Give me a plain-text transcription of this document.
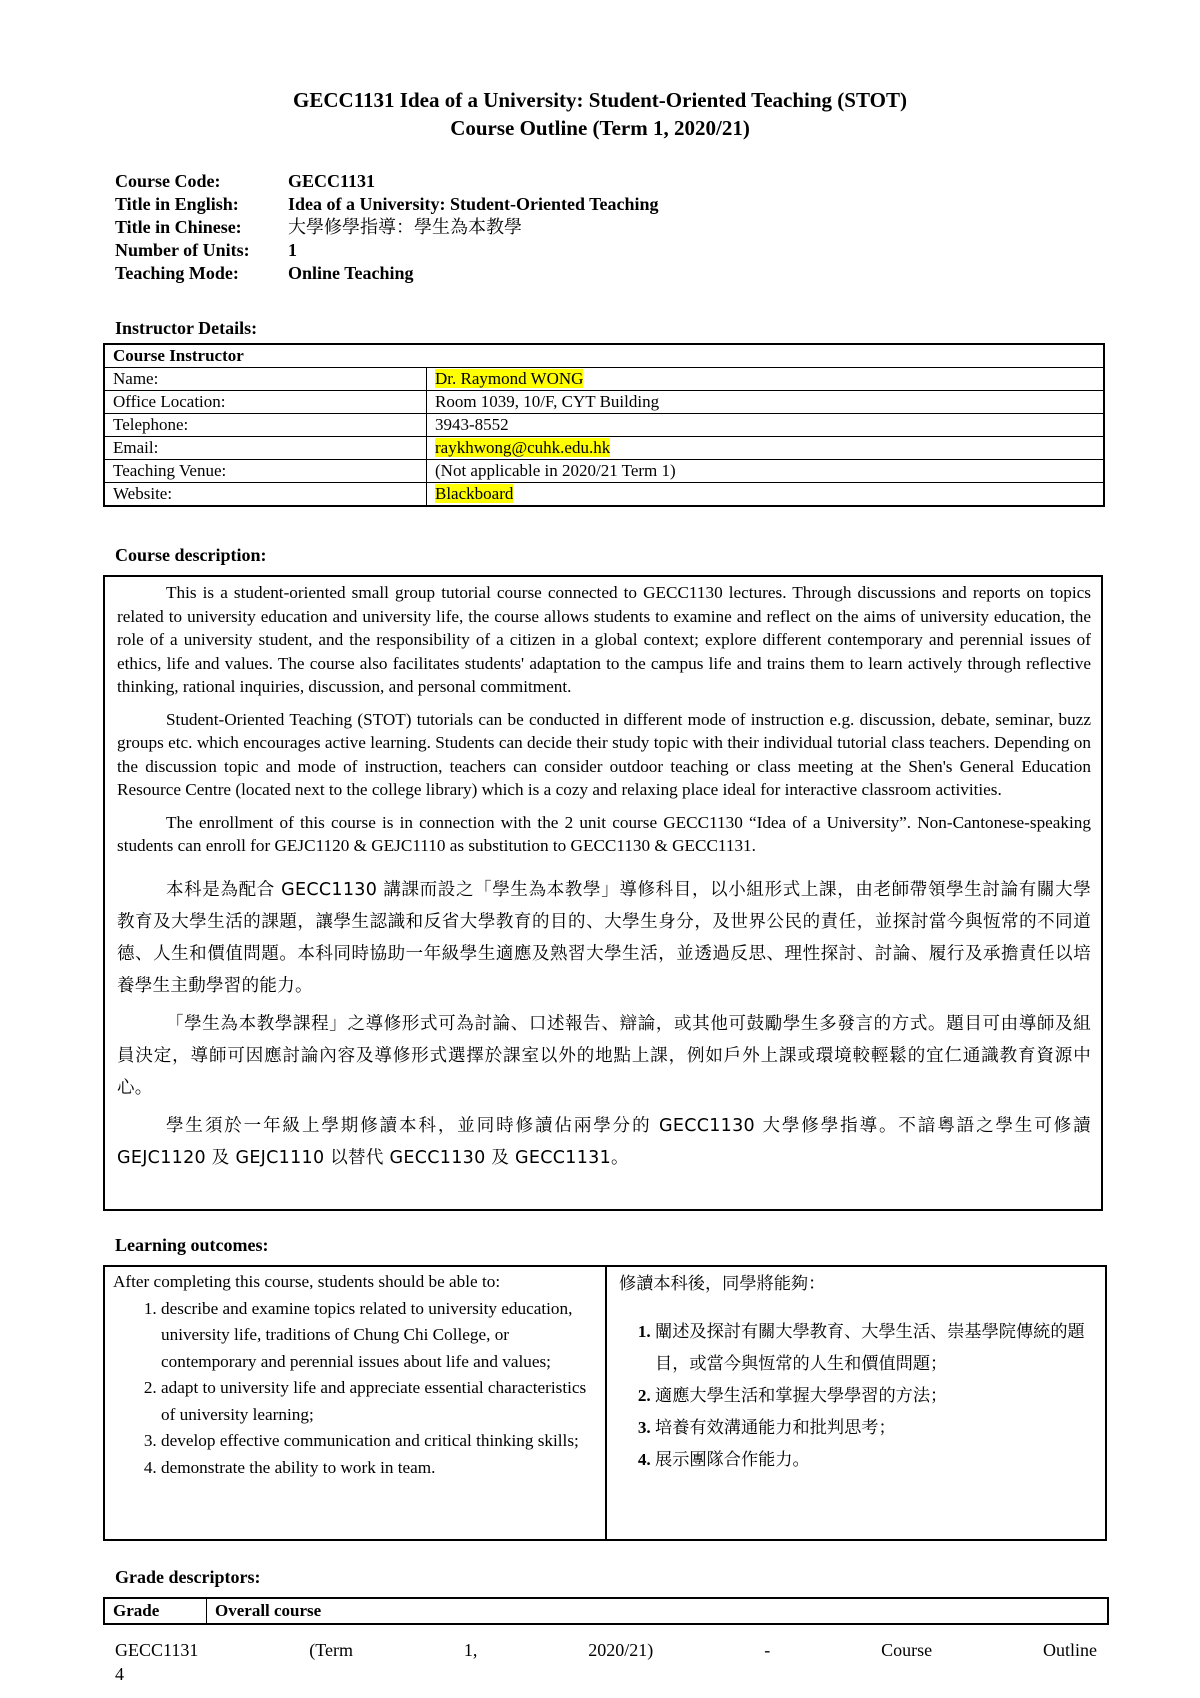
GECC1131 Idea of a University: Student-Oriented Teaching (STOT)
Course Outline (Term 1, 2020/21)
Course Code:	GECC1131
Title in English:	Idea of a University: Student-Oriented Teaching
Title in Chinese:	大學修學指導：學生為本教學
Number of Units:	1
Teaching Mode:	Online Teaching
Instructor Details:
Course Instructor	
Name:	Dr. Raymond WONG
Office Location:	Room 1039, 10/F, CYT Building
Telephone:	3943-8552
Email:	raykhwong@cuhk.edu.hk
Teaching Venue:	(Not applicable in 2020/21 Term 1)
Website:	Blackboard
Course description:

This is a student-oriented small group tutorial course connected to GECC1130 lectures. Through discussions and reports on topics related to university education and university life, the course allows students to examine and reflect on the aims of university education, the role of a university student, and the responsibility of a citizen in a global context; explore different contemporary and perennial issues of ethics, life and values. The course also facilitates students' adaptation to the campus life and trains them to learn actively through reflective thinking, rational inquiries, discussion, and personal commitment.

Student-Oriented Teaching (STOT) tutorials can be conducted in different mode of instruction e.g. discussion, debate, seminar, buzz groups etc. which encourages active learning. Students can decide their study topic with their individual tutorial class teachers. Depending on the discussion topic and mode of instruction, teachers can consider outdoor teaching or class meeting at the Shen's General Education Resource Centre (located next to the college library) which is a cozy and relaxing place ideal for interactive classroom activities.

The enrollment of this course is in connection with the 2 unit course GECC1130 “Idea of a University”. Non-Cantonese-speaking students can enroll for GEJC1120 & GEJC1110 as substitution to GECC1130 & GECC1131.

本科是為配合 GECC1130 講課而設之「學生為本教學」導修科目，以小組形式上課，由老師帶領學生討論有關大學教育及大學生活的課題，讓學生認識和反省大學教育的目的、大學生身分，及世界公民的責任，並探討當今與恆常的不同道德、人生和價值問題。本科同時協助一年級學生適應及熟習大學生活，並透過反思、理性探討、討論、履行及承擔責任以培養學生主動學習的能力。

「學生為本教學課程」之導修形式可為討論、口述報告、辯論，或其他可鼓勵學生多發言的方式。題目可由導師及組員決定，導師可因應討論內容及導修形式選擇於課室以外的地點上課，例如戶外上課或環境較輕鬆的宜仁通識教育資源中心。

學生須於一年級上學期修讀本科，並同時修讀佔兩學分的 GECC1130 大學修學指導。不諳粵語之學生可修讀 GEJC1120 及 GEJC1110 以替代 GECC1130 及 GECC1131。

Learning outcomes:
After completing this course, students should be able to:
1. describe and examine topics related to university education, university life, traditions of Chung Chi College, or contemporary and perennial issues about life and values;
2. adapt to university life and appreciate essential characteristics of university learning;
3. develop effective communication and critical thinking skills;
4. demonstrate the ability to work in team.
修讀本科後，同學將能夠：
1. 闡述及探討有關大學教育、大學生活、崇基學院傳統的題目，或當今與恆常的人生和價值問題；
2. 適應大學生活和掌握大學學習的方法；
3. 培養有效溝通能力和批判思考；
4. 展示團隊合作能力。
Grade descriptors:
Grade	Overall course
GECC1131	(Term	1,	2020/21)	-	Course	Outline
4
